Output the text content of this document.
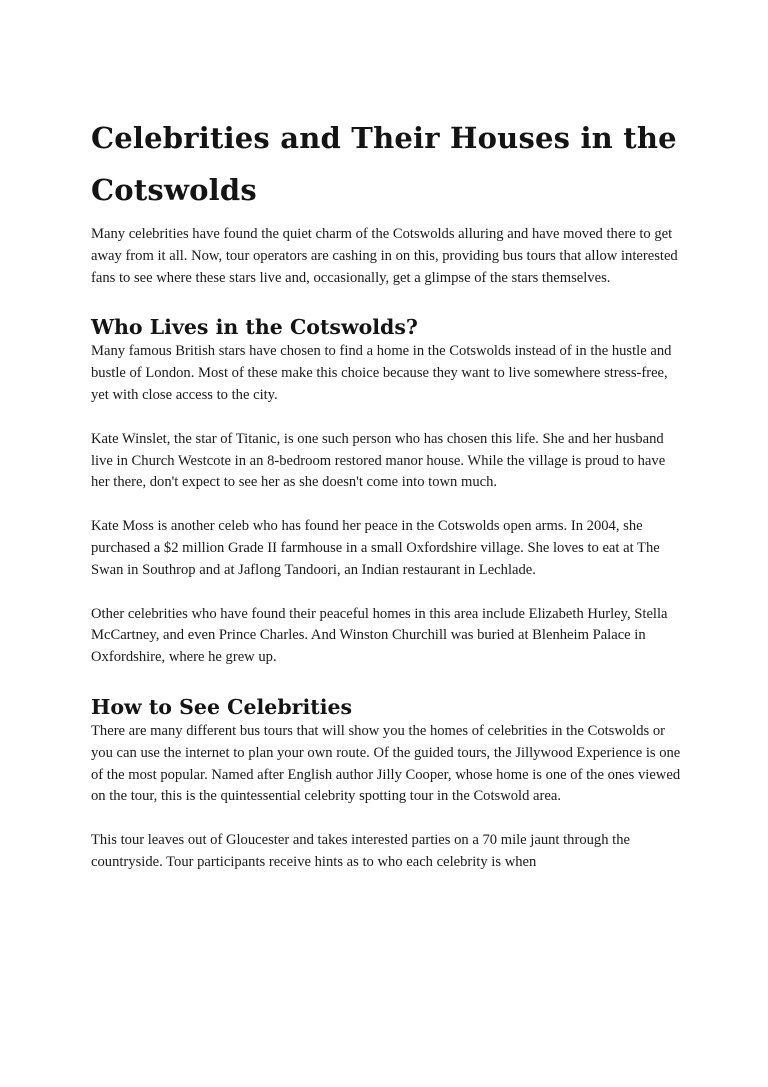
Celebrities and Their Houses in the Cotswolds

Many celebrities have found the quiet charm of the Cotswolds alluring and have moved there to get away from it all. Now, tour operators are cashing in on this, providing bus tours that allow interested fans to see where these stars live and, occasionally, get a glimpse of the stars themselves.

Who Lives in the Cotswolds?

Many famous British stars have chosen to find a home in the Cotswolds instead of in the hustle and bustle of London. Most of these make this choice because they want to live somewhere stress-free, yet with close access to the city.

Kate Winslet, the star of Titanic, is one such person who has chosen this life. She and her husband live in Church Westcote in an 8-bedroom restored manor house. While the village is proud to have her there, don't expect to see her as she doesn't come into town much.

Kate Moss is another celeb who has found her peace in the Cotswolds open arms. In 2004, she purchased a $2 million Grade II farmhouse in a small Oxfordshire village. She loves to eat at The Swan in Southrop and at Jaflong Tandoori, an Indian restaurant in Lechlade.

Other celebrities who have found their peaceful homes in this area include Elizabeth Hurley, Stella McCartney, and even Prince Charles. And Winston Churchill was buried at Blenheim Palace in Oxfordshire, where he grew up.

How to See Celebrities

There are many different bus tours that will show you the homes of celebrities in the Cotswolds or you can use the internet to plan your own route. Of the guided tours, the Jillywood Experience is one of the most popular. Named after English author Jilly Cooper, whose home is one of the ones viewed on the tour, this is the quintessential celebrity spotting tour in the Cotswold area.

This tour leaves out of Gloucester and takes interested parties on a 70 mile jaunt through the countryside. Tour participants receive hints as to who each celebrity is when
